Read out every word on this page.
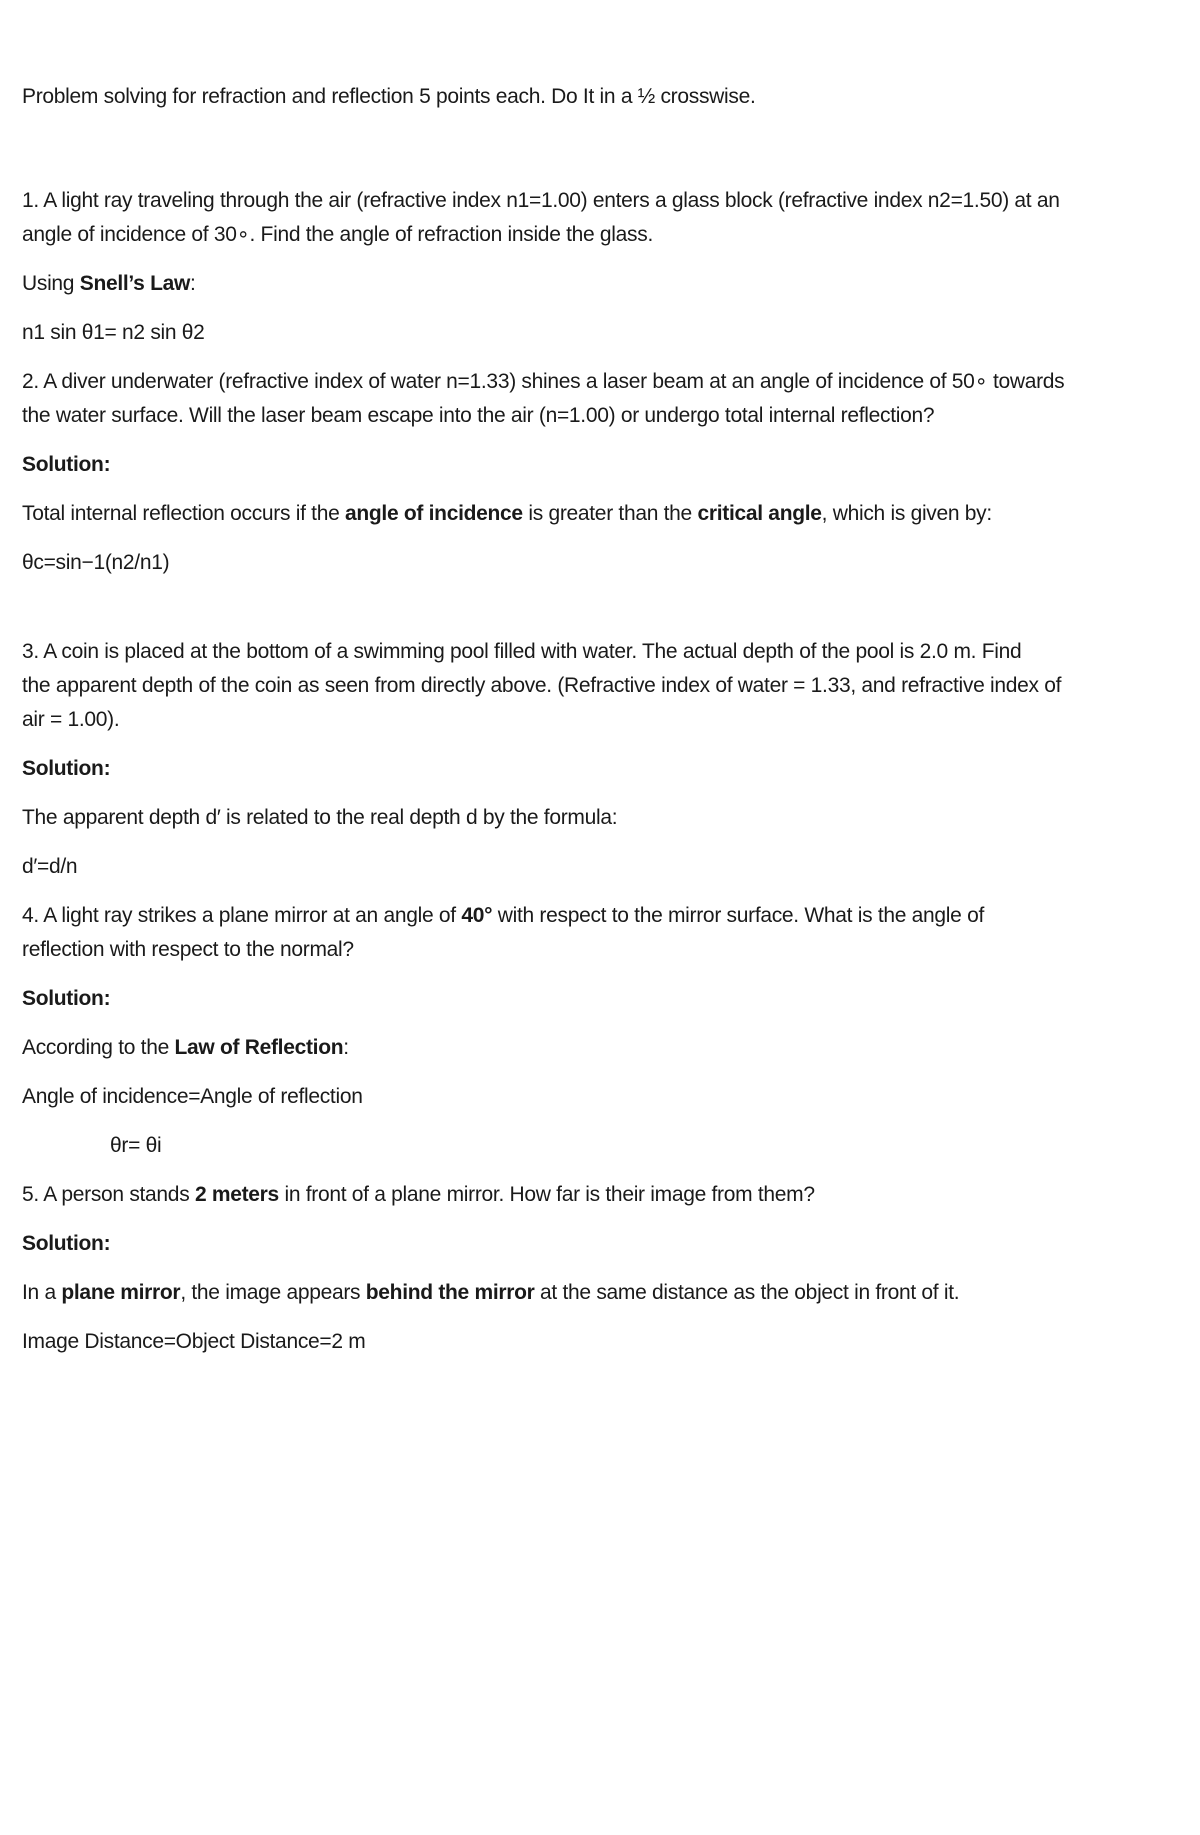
Problem solving for refraction and reflection 5 points each. Do It in a ½ crosswise.

1. A light ray traveling through the air (refractive index n1=1.00) enters a glass block (refractive index n2=1.50) at an

angle of incidence of 30∘. Find the angle of refraction inside the glass.

Using Snell’s Law:

n1 sin θ1= n2 sin θ2

2. A diver underwater (refractive index of water n=1.33) shines a laser beam at an angle of incidence of 50∘ towards

the water surface. Will the laser beam escape into the air (n=1.00) or undergo total internal reflection?

Solution:

Total internal reflection occurs if the angle of incidence is greater than the critical angle, which is given by:

θc=sin−1(n2/n1)

3. A coin is placed at the bottom of a swimming pool filled with water. The actual depth of the pool is 2.0 m. Find

the apparent depth of the coin as seen from directly above. (Refractive index of water = 1.33, and refractive index of

air = 1.00).

Solution:

The apparent depth d′ is related to the real depth d by the formula:

d′=d/n

4. A light ray strikes a plane mirror at an angle of 40° with respect to the mirror surface. What is the angle of

reflection with respect to the normal?

Solution:

According to the Law of Reflection:

Angle of incidence=Angle of reflection

θr= θi

5. A person stands 2 meters in front of a plane mirror. How far is their image from them?

Solution:

In a plane mirror, the image appears behind the mirror at the same distance as the object in front of it.

Image Distance=Object Distance=2 m
